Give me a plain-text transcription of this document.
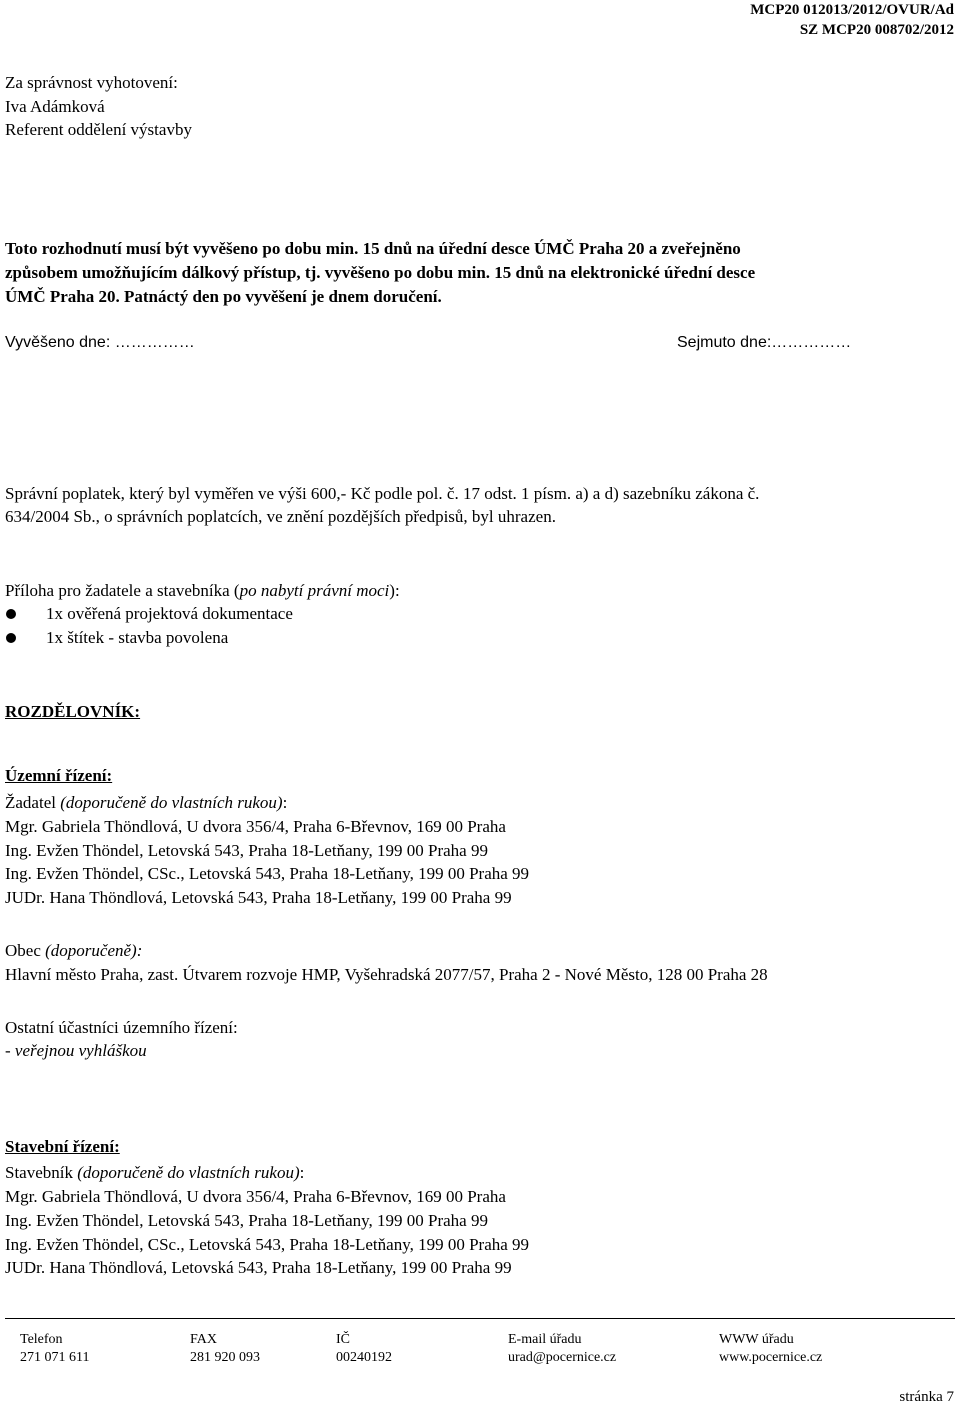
MCP20 012013/2012/OVUR/Ad
SZ MCP20 008702/2012
Za správnost vyhotovení:
Iva Adámková
Referent oddělení výstavby
Toto rozhodnutí musí být vyvěšeno po dobu min. 15 dnů na úřední desce ÚMČ Praha 20 a zveřejněno
způsobem umožňujícím dálkový přístup, tj. vyvěšeno po dobu min. 15 dnů na elektronické úřední desce
ÚMČ Praha 20. Patnáctý den po vyvěšení je dnem doručení.
Vyvěšeno dne: ……………	Sejmuto dne:……………
Správní poplatek, který byl vyměřen ve výši 600,- Kč podle pol. č. 17 odst. 1 písm. a) a d) sazebníku zákona č.
634/2004 Sb., o správních poplatcích, ve znění pozdějších předpisů, byl uhrazen.
Příloha pro žadatele a stavebníka (po nabytí právní moci):
1x ověřená projektová dokumentace
1x štítek - stavba povolena
ROZDĚLOVNÍK:
Územní řízení:
Žadatel (doporučeně do vlastních rukou):
Mgr. Gabriela Thöndlová, U dvora 356/4, Praha 6-Břevnov, 169 00 Praha
Ing. Evžen Thöndel, Letovská 543, Praha 18-Letňany, 199 00 Praha 99
Ing. Evžen Thöndel, CSc., Letovská 543, Praha 18-Letňany, 199 00 Praha 99
JUDr. Hana Thöndlová, Letovská 543, Praha 18-Letňany, 199 00 Praha 99
Obec (doporučeně):
Hlavní město Praha, zast. Útvarem rozvoje HMP, Vyšehradská 2077/57, Praha 2 - Nové Město, 128 00 Praha 28
Ostatní účastníci územního řízení:
- veřejnou vyhláškou
Stavební řízení:
Stavebník (doporučeně do vlastních rukou):
Mgr. Gabriela Thöndlová, U dvora 356/4, Praha 6-Břevnov, 169 00 Praha
Ing. Evžen Thöndel, Letovská 543, Praha 18-Letňany, 199 00 Praha 99
Ing. Evžen Thöndel, CSc., Letovská 543, Praha 18-Letňany, 199 00 Praha 99
JUDr. Hana Thöndlová, Letovská 543, Praha 18-Letňany, 199 00 Praha 99
Telefon
271 071 611
FAX
281 920 093
IČ
00240192
E-mail úřadu
urad@pocernice.cz
WWW úřadu
www.pocernice.cz
stránka 7
